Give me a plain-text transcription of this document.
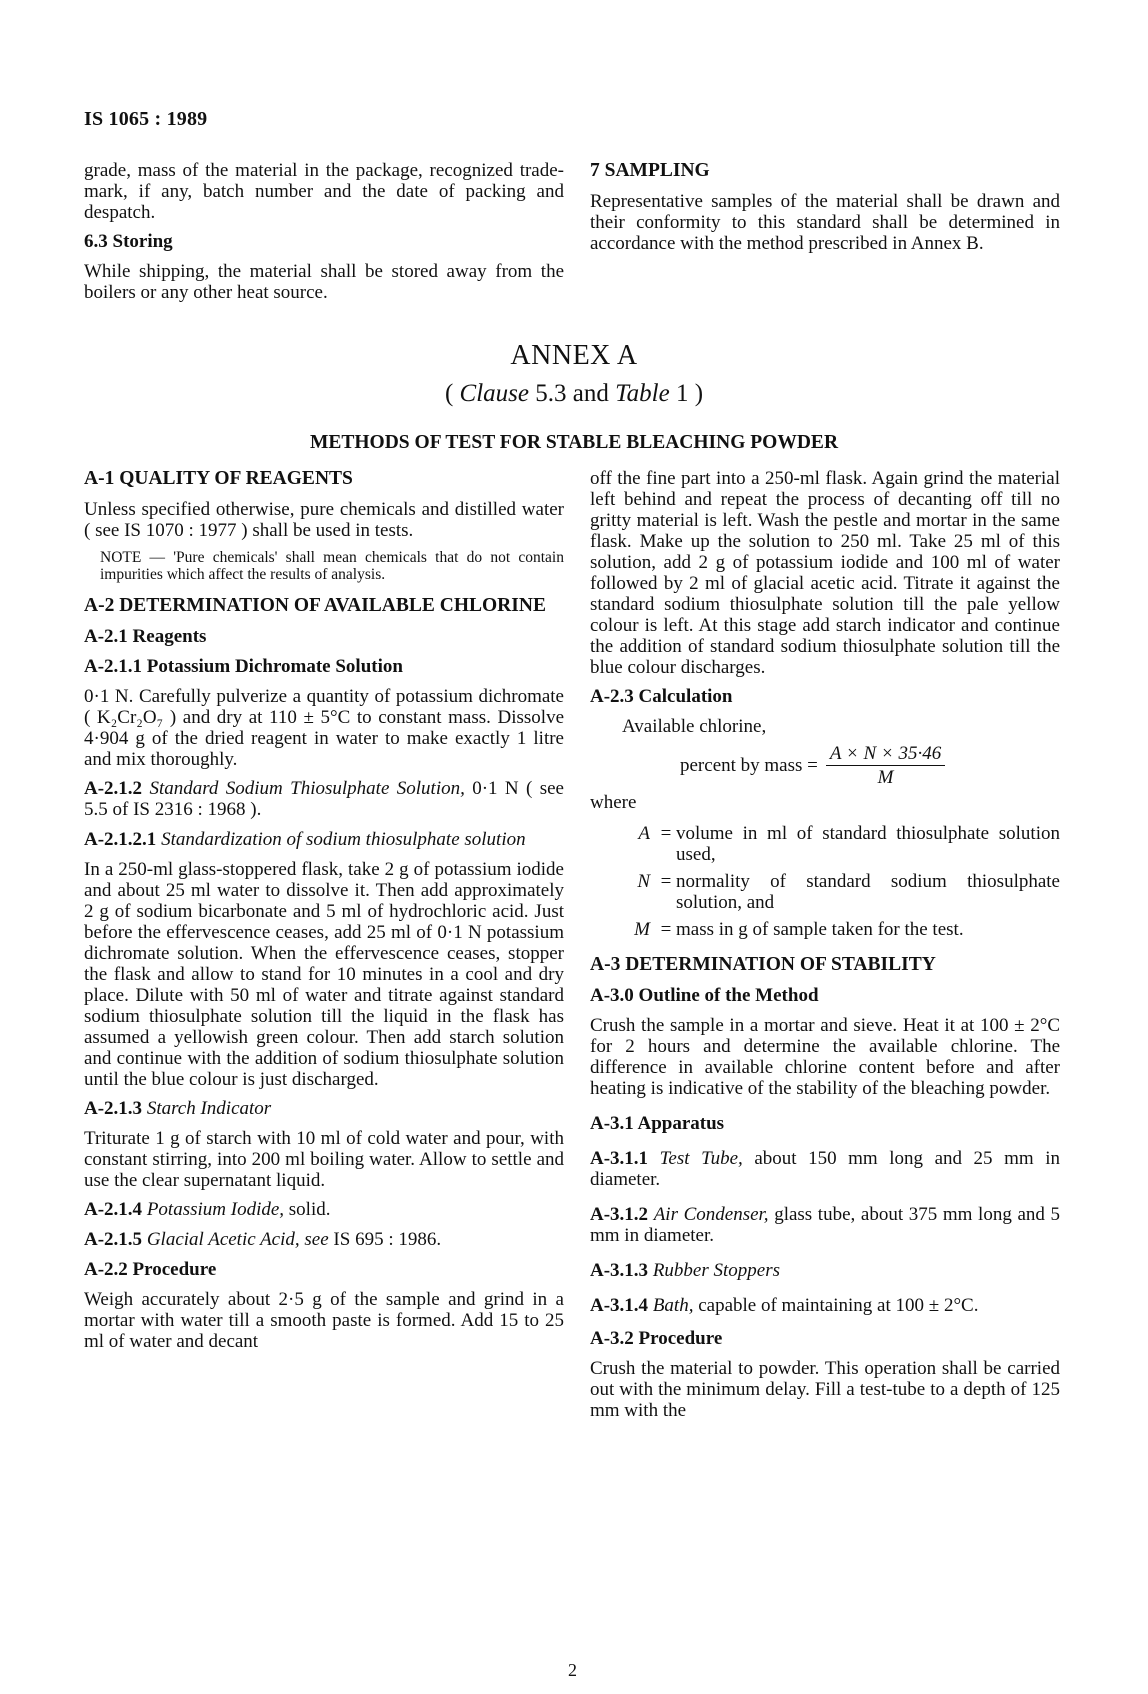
IS 1065 : 1989

grade, mass of the material in the package, recognized trade-mark, if any, batch number and the date of packing and despatch.

6.3 Storing

While shipping, the material shall be stored away from the boilers or any other heat source.

7 SAMPLING

Representative samples of the material shall be drawn and their conformity to this standard shall be determined in accordance with the method prescribed in Annex B.

ANNEX A
( Clause 5.3 and Table 1 )
METHODS OF TEST FOR STABLE BLEACHING POWDER

A-1 QUALITY OF REAGENTS

Unless specified otherwise, pure chemicals and distilled water ( see IS 1070 : 1977 ) shall be used in tests.

NOTE — 'Pure chemicals' shall mean chemicals that do not contain impurities which affect the results of analysis.

A-2 DETERMINATION OF AVAILABLE CHLORINE

A-2.1 Reagents

A-2.1.1 Potassium Dichromate Solution

0·1 N. Carefully pulverize a quantity of potassium dichromate ( K₂Cr₂O₇ ) and dry at 110 ± 5°C to constant mass. Dissolve 4·904 g of the dried reagent in water to make exactly 1 litre and mix thoroughly.

A-2.1.2 Standard Sodium Thiosulphate Solution, 0·1 N ( see 5.5 of IS 2316 : 1968 ).

A-2.1.2.1 Standardization of sodium thiosulphate solution

In a 250-ml glass-stoppered flask, take 2 g of potassium iodide and about 25 ml water to dissolve it. Then add approximately 2 g of sodium bicarbonate and 5 ml of hydrochloric acid. Just before the effervescence ceases, add 25 ml of 0·1 N potassium dichromate solution. When the effervescence ceases, stopper the flask and allow to stand for 10 minutes in a cool and dry place. Dilute with 50 ml of water and titrate against standard sodium thiosulphate solution till the liquid in the flask has assumed a yellowish green colour. Then add starch solution and continue with the addition of sodium thiosulphate solution until the blue colour is just discharged.

A-2.1.3 Starch Indicator

Triturate 1 g of starch with 10 ml of cold water and pour, with constant stirring, into 200 ml boiling water. Allow to settle and use the clear supernatant liquid.

A-2.1.4 Potassium Iodide, solid.

A-2.1.5 Glacial Acetic Acid, see IS 695 : 1986.

A-2.2 Procedure

Weigh accurately about 2·5 g of the sample and grind in a mortar with water till a smooth paste is formed. Add 15 to 25 ml of water and decant

off the fine part into a 250-ml flask. Again grind the material left behind and repeat the process of decanting off till no gritty material is left. Wash the pestle and mortar in the same flask. Make up the solution to 250 ml. Take 25 ml of this solution, add 2 g of potassium iodide and 100 ml of water followed by 2 ml of glacial acetic acid. Titrate it against the standard sodium thiosulphate solution till the pale yellow colour is left. At this stage add starch indicator and continue the addition of standard sodium thiosulphate solution till the blue colour discharges.

A-2.3 Calculation

Available chlorine,
percent by mass = $\frac{A \times N \times 35\cdot 46}{M}$
where
A = volume in ml of standard thiosulphate solution used,
N = normality of standard sodium thiosulphate solution, and
M = mass in g of sample taken for the test.

A-3 DETERMINATION OF STABILITY

A-3.0 Outline of the Method

Crush the sample in a mortar and sieve. Heat it at 100 ± 2°C for 2 hours and determine the available chlorine. The difference in available chlorine content before and after heating is indicative of the stability of the bleaching powder.

A-3.1 Apparatus

A-3.1.1 Test Tube, about 150 mm long and 25 mm in diameter.

A-3.1.2 Air Condenser, glass tube, about 375 mm long and 5 mm in diameter.

A-3.1.3 Rubber Stoppers

A-3.1.4 Bath, capable of maintaining at 100 ± 2°C.

A-3.2 Procedure

Crush the material to powder. This operation shall be carried out with the minimum delay. Fill a test-tube to a depth of 125 mm with the

2
